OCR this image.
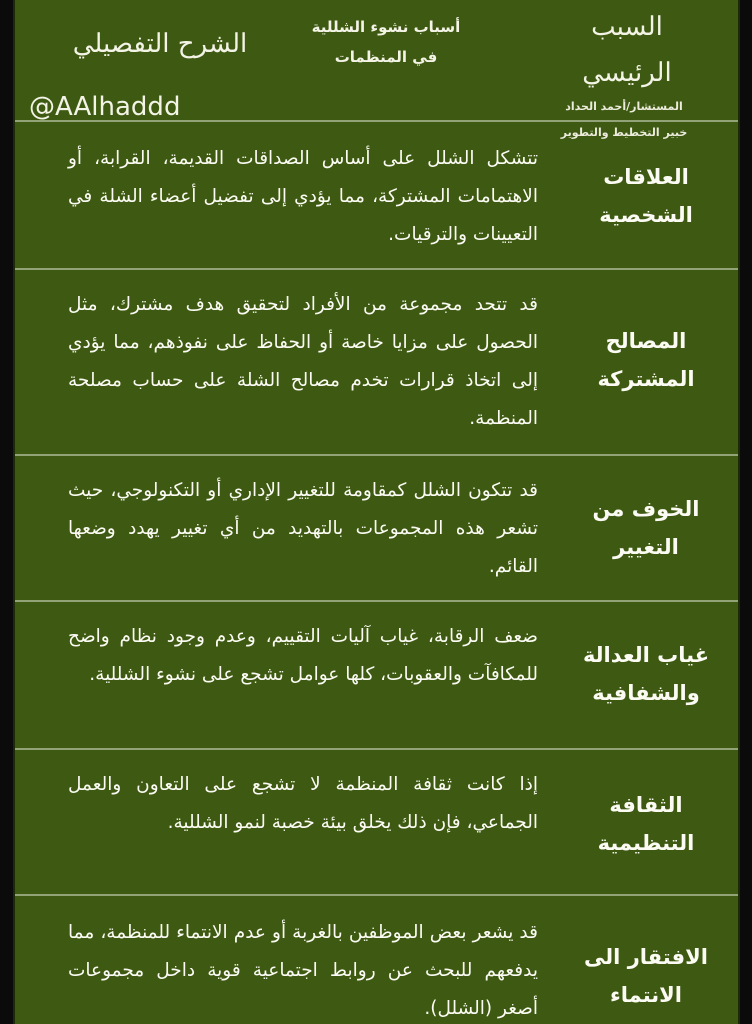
السبب
الرئيسي
المستشار/أحمد الحداد
أسباب نشوء الشللية
في المنظمات
الشرح التفصيلي
@AAlhaddd
العلاقات
الشخصية
تتشكل الشلل على أساس الصداقات القديمة، القرابة، أو الاهتمامات المشتركة، مما يؤدي إلى تفضيل أعضاء الشلة في التعيينات والترقيات.
المصالح
المشتركة
قد تتحد مجموعة من الأفراد لتحقيق هدف مشترك، مثل الحصول على مزايا خاصة أو الحفاظ على نفوذهم، مما يؤدي إلى اتخاذ قرارات تخدم مصالح الشلة على حساب مصلحة المنظمة.
الخوف من
التغيير
قد تتكون الشلل كمقاومة للتغيير الإداري أو التكنولوجي، حيث تشعر هذه المجموعات بالتهديد من أي تغيير يهدد وضعها القائم.
غياب العدالة
والشفافية
ضعف الرقابة، غياب آليات التقييم، وعدم وجود نظام واضح للمكافآت والعقوبات، كلها عوامل تشجع على نشوء الشللية.
الثقافة
التنظيمية
إذا كانت ثقافة المنظمة لا تشجع على التعاون والعمل الجماعي، فإن ذلك يخلق بيئة خصبة لنمو الشللية.
الافتقار الى
الانتماء
قد يشعر بعض الموظفين بالغربة أو عدم الانتماء للمنظمة، مما يدفعهم للبحث عن روابط اجتماعية قوية داخل مجموعات أصغر (الشلل).
خبير التخطيط والتطوير
